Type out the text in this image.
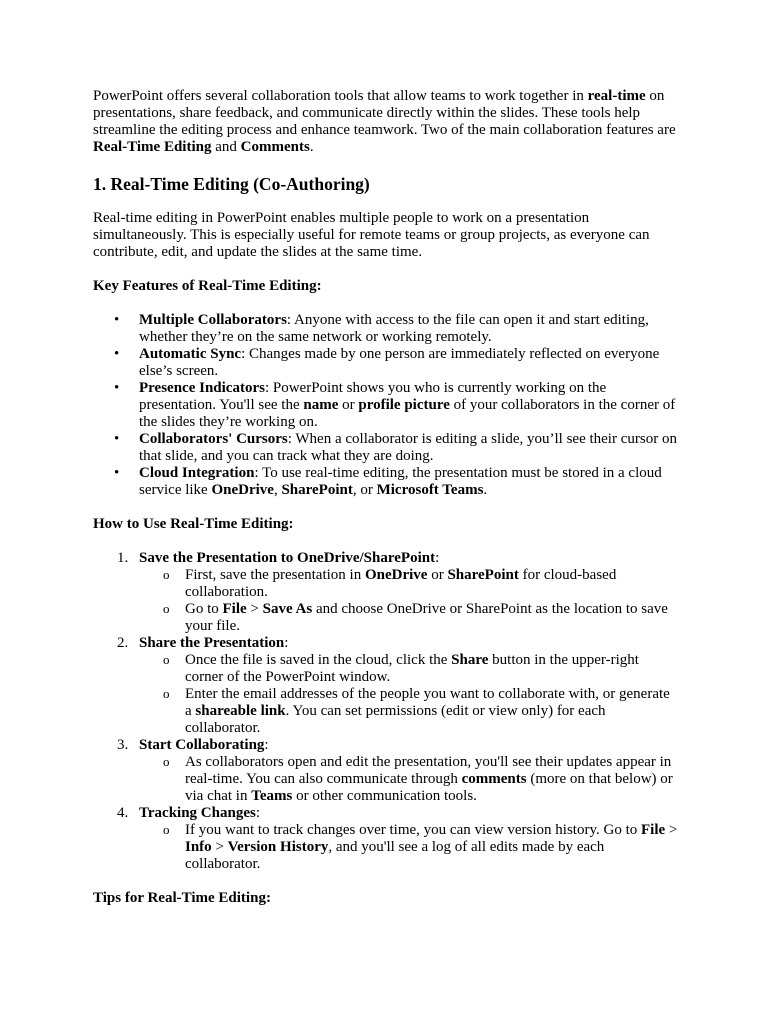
PowerPoint offers several collaboration tools that allow teams to work together in real-time on presentations, share feedback, and communicate directly within the slides. These tools help streamline the editing process and enhance teamwork. Two of the main collaboration features are Real-Time Editing and Comments.

1. Real-Time Editing (Co-Authoring)

Real-time editing in PowerPoint enables multiple people to work on a presentation simultaneously. This is especially useful for remote teams or group projects, as everyone can contribute, edit, and update the slides at the same time.

Key Features of Real-Time Editing:

• Multiple Collaborators: Anyone with access to the file can open it and start editing, whether they’re on the same network or working remotely.
• Automatic Sync: Changes made by one person are immediately reflected on everyone else’s screen.
• Presence Indicators: PowerPoint shows you who is currently working on the presentation. You'll see the name or profile picture of your collaborators in the corner of the slides they’re working on.
• Collaborators' Cursors: When a collaborator is editing a slide, you’ll see their cursor on that slide, and you can track what they are doing.
• Cloud Integration: To use real-time editing, the presentation must be stored in a cloud service like OneDrive, SharePoint, or Microsoft Teams.

How to Use Real-Time Editing:

1. Save the Presentation to OneDrive/SharePoint:
o First, save the presentation in OneDrive or SharePoint for cloud-based collaboration.
o Go to File > Save As and choose OneDrive or SharePoint as the location to save your file.
2. Share the Presentation:
o Once the file is saved in the cloud, click the Share button in the upper-right corner of the PowerPoint window.
o Enter the email addresses of the people you want to collaborate with, or generate a shareable link. You can set permissions (edit or view only) for each collaborator.
3. Start Collaborating:
o As collaborators open and edit the presentation, you'll see their updates appear in real-time. You can also communicate through comments (more on that below) or via chat in Teams or other communication tools.
4. Tracking Changes:
o If you want to track changes over time, you can view version history. Go to File > Info > Version History, and you'll see a log of all edits made by each collaborator.

Tips for Real-Time Editing:
